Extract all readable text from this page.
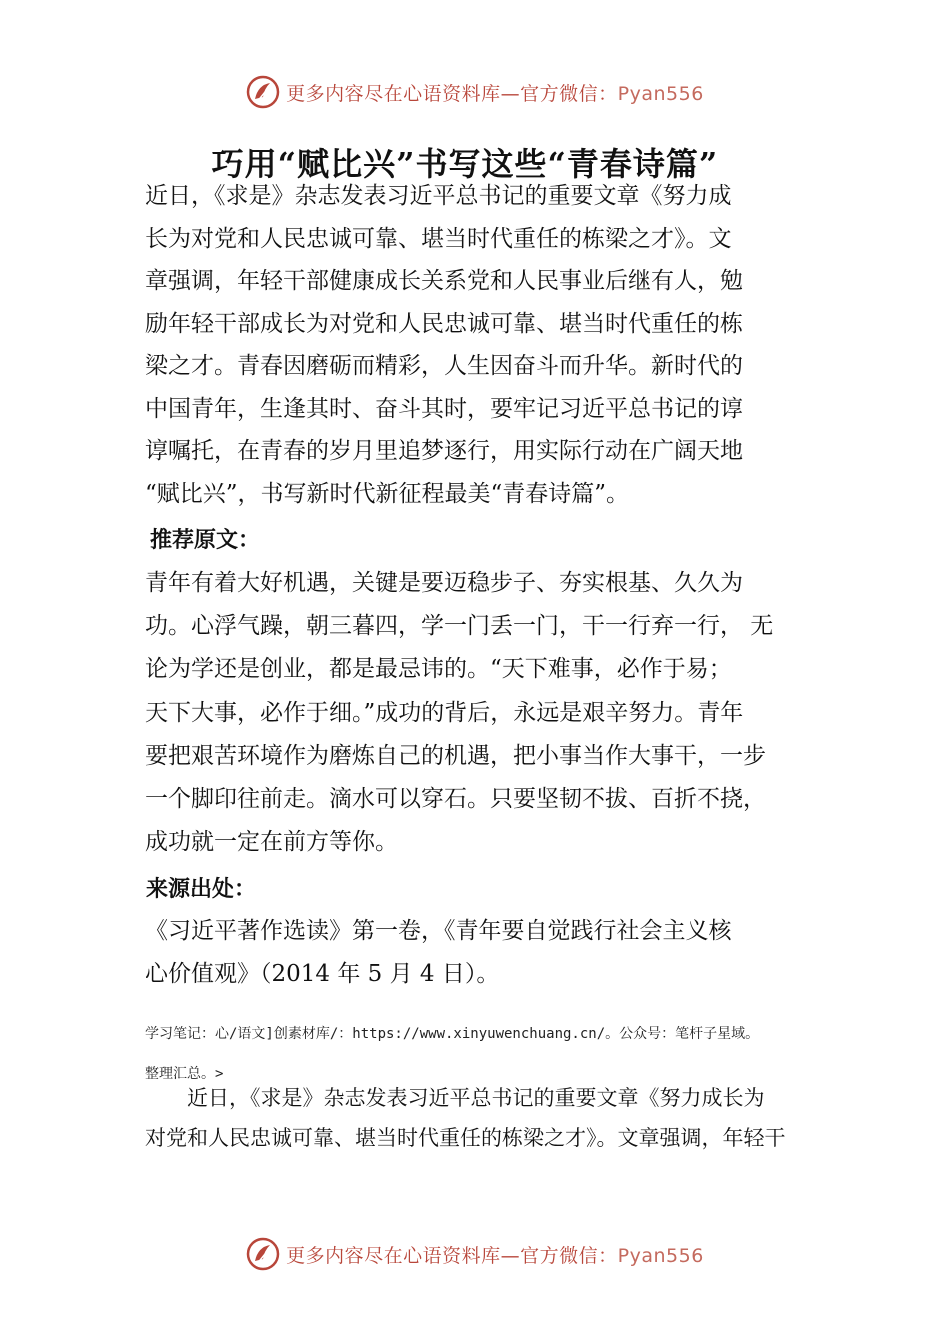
更多内容尽在心语资料库—官方微信：Pyan556
巧用“赋比兴”书写这些“青春诗篇”
近日，《求是》杂志发表习近平总书记的重要文章《努力成
长为对党和人民忠诚可靠、堪当时代重任的栋梁之才》。文
章强调，年轻干部健康成长关系党和人民事业后继有人，勉
励年轻干部成长为对党和人民忠诚可靠、堪当时代重任的栋
梁之才。青春因磨砺而精彩，人生因奋斗而升华。新时代的
中国青年，生逢其时、奋斗其时，要牢记习近平总书记的谆
谆嘱托，在青春的岁月里追梦逐行，用实际行动在广阔天地
“赋比兴”，书写新时代新征程最美“青春诗篇”。
推荐原文：
青年有着大好机遇，关键是要迈稳步子、夯实根基、久久为
功。心浮气躁，朝三暮四，学一门丢一门，干一行弃一行， 无
论为学还是创业，都是最忌讳的。“天下难事，必作于易；
天下大事，必作于细。”成功的背后，永远是艰辛努力。青年
要把艰苦环境作为磨炼自己的机遇，把小事当作大事干，一步
一个脚印往前走。滴水可以穿石。只要坚韧不拔、百折不挠，
成功就一定在前方等你。
来源出处：
《习近平著作选读》第一卷，《青年要自觉践行社会主义核
心价值观》（2014 年 5 月 4 日）。
学习笔记：心/语文]创素材库/：https://www.xinyuwenchuang.cn/。公众号：笔杆子星域。
整理汇总。>
　　近日，《求是》杂志发表习近平总书记的重要文章《努力成长为
对党和人民忠诚可靠、堪当时代重任的栋梁之才》。文章强调，年轻干
更多内容尽在心语资料库—官方微信：Pyan556
